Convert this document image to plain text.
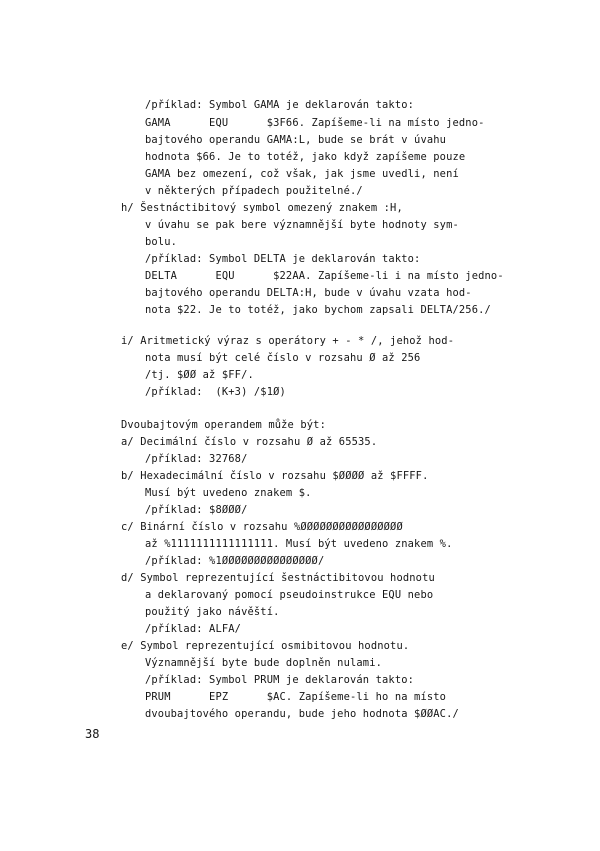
/příklad: Symbol GAMA je deklarován takto:
GAMA      EQU      $3F66. Zapíšeme-li na místo jedno-
bajtového operandu GAMA:L, bude se brát v úvahu
hodnota $66. Je to totéž, jako když zapíšeme pouze
GAMA bez omezení, což však, jak jsme uvedli, není
v některých případech použitelné./
h/ Šestnáctibitový symbol omezený znakem :H,
v úvahu se pak bere významnější byte hodnoty sym-
bolu.
/příklad: Symbol DELTA je deklarován takto:
DELTA      EQU      $22AA. Zapíšeme-li i na místo jedno-
bajtového operandu DELTA:H, bude v úvahu vzata hod-
nota $22. Je to totéž, jako bychom zapsali DELTA/256./
i/ Aritmetický výraz s operátory + - * /, jehož hod-
nota musí být celé číslo v rozsahu Ø až 256
/tj. $ØØ až $FF/.
/příklad:  (K+3) /$1Ø)
Dvoubajtovým operandem může být:
a/ Decimální číslo v rozsahu Ø až 65535.
/příklad: 32768/
b/ Hexadecimální číslo v rozsahu $ØØØØ až $FFFF.
Musí být uvedeno znakem $.
/příklad: $8ØØØ/
c/ Binární číslo v rozsahu %ØØØØØØØØØØØØØØØØ
až %1111111111111111. Musí být uvedeno znakem %.
/příklad: %1ØØØØØØØØØØØØØØØ/
d/ Symbol reprezentující šestnáctibitovou hodnotu
a deklarovaný pomocí pseudoinstrukce EQU nebo
použitý jako návěští.
/příklad: ALFA/
e/ Symbol reprezentující osmibitovou hodnotu.
Významnější byte bude doplněn nulami.
/příklad: Symbol PRUM je deklarován takto:
PRUM      EPZ      $AC. Zapíšeme-li ho na místo
dvoubajtového operandu, bude jeho hodnota $ØØAC./
38
